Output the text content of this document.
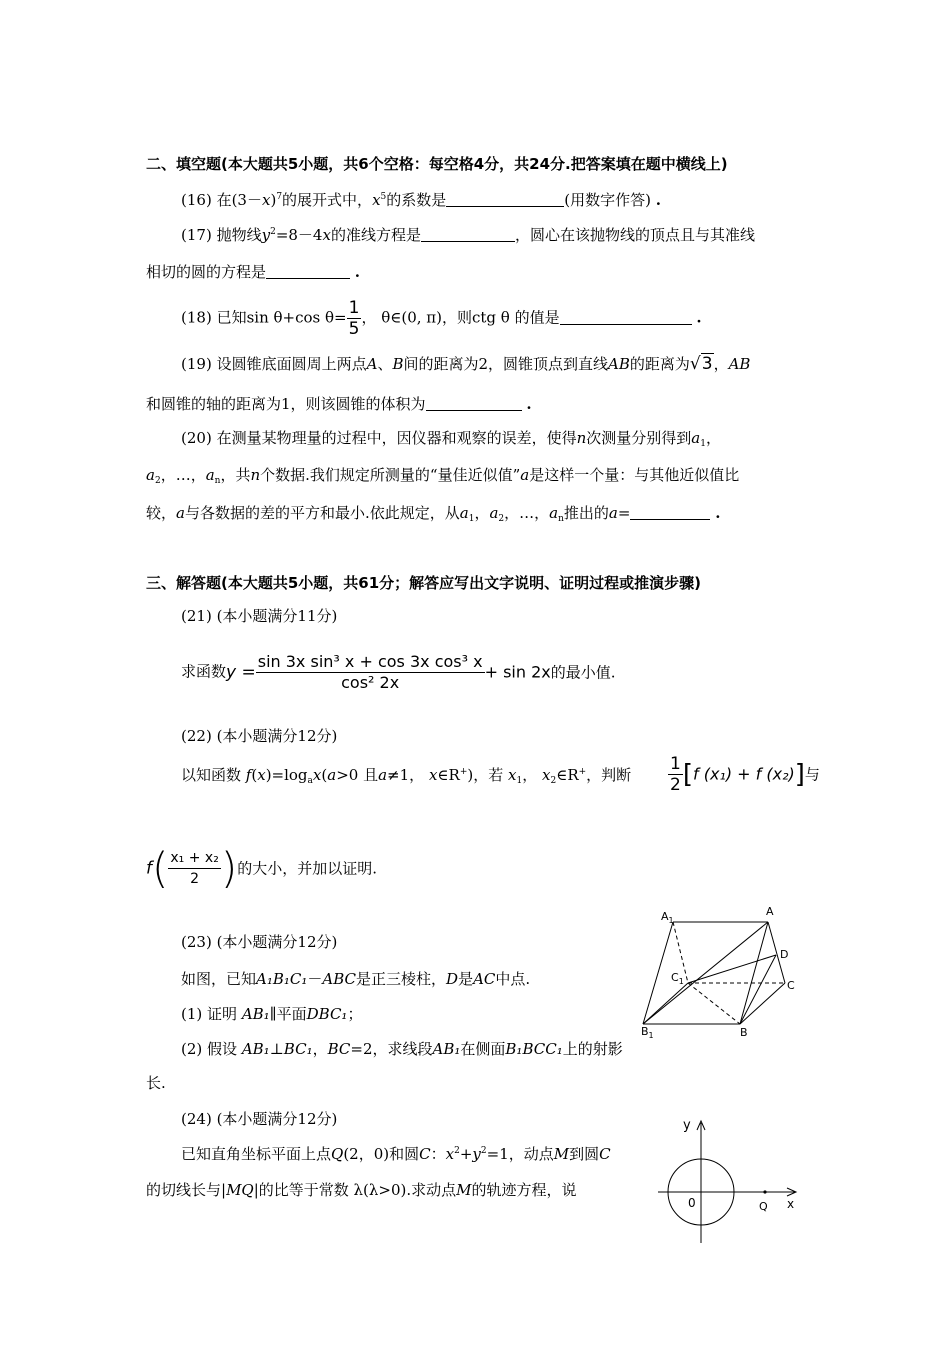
二、填空题(本大题共5小题，共6个空格：每空格4分，共24分.把答案填在题中横线上)
(16) 在$(3-x)^7$的展开式中，$x^5$的系数是	(用数字作答) .
(17) 抛物线$y^2=8-4x$的准线方程是	，圆心在该抛物线的顶点且与其准线
相切的圆的方程是	.
(18) 已知sin θ+cos $\theta= \frac{1}{5}$ ， θ∈(0, π)，则ctg θ 的值是	.
(19) 设圆锥底面圆周上两点A、B间的距离为2，圆锥顶点到直线AB的距离为√3，AB
和圆锥的轴的距离为1，则该圆锥的体积为	.
(20) 在测量某物理量的过程中，因仪器和观察的误差，使得n次测量分别得到$a_1$，
$a_2$，…，$a_n$，共n个数据.我们规定所测量的“量佳近似值”a是这样一个量：与其他近似值比
较，a与各数据的差的平方和最小.依此规定，从$a_1$，$a_2$，…，$a_n$推出的a=	.
三、解答题(本大题共5小题，共61分；解答应写出文字说明、证明过程或推演步骤)
(21) (本小题满分11分)
求函数$y = \frac{\text{sin 3x sin³ x + cos 3x cos³ x}}{\text{cos² 2x}} + \sin 2x$的最小值.
(22) (本小题满分12分)
以知函数 $f(x)=\log_ax(a>0$ 且a≠1， x∈R+)，若 $x_1$， $x_2\in R^+$，判断 $\frac{1}{2} [f$ (x₁) + f (x₂)]与
$f( \frac{\text{x₁ + x₂}}{2}$ )的大小，并加以证明.
(23) (本小题满分12分)
如图，已知A₁B₁C₁－ABC是正三棱柱，D是AC中点.
(1) 证明 AB₁∥平面DBC₁；
(2) 假设 AB₁⊥BC₁，BC=2，求线段AB₁在侧面B₁BCC₁上的射影
长.
$A_1$
A
D
$C_1$	C
$B_1$	B
(24) (本小题满分12分)
已知直角坐标平面上点Q(2，0)和圆C：$x^2+y^2=1$，动点M到圆C
的切线长与|MQ|的比等于常数 λ(λ>0).求动点M的轨迹方程，说
y
0	Q x
